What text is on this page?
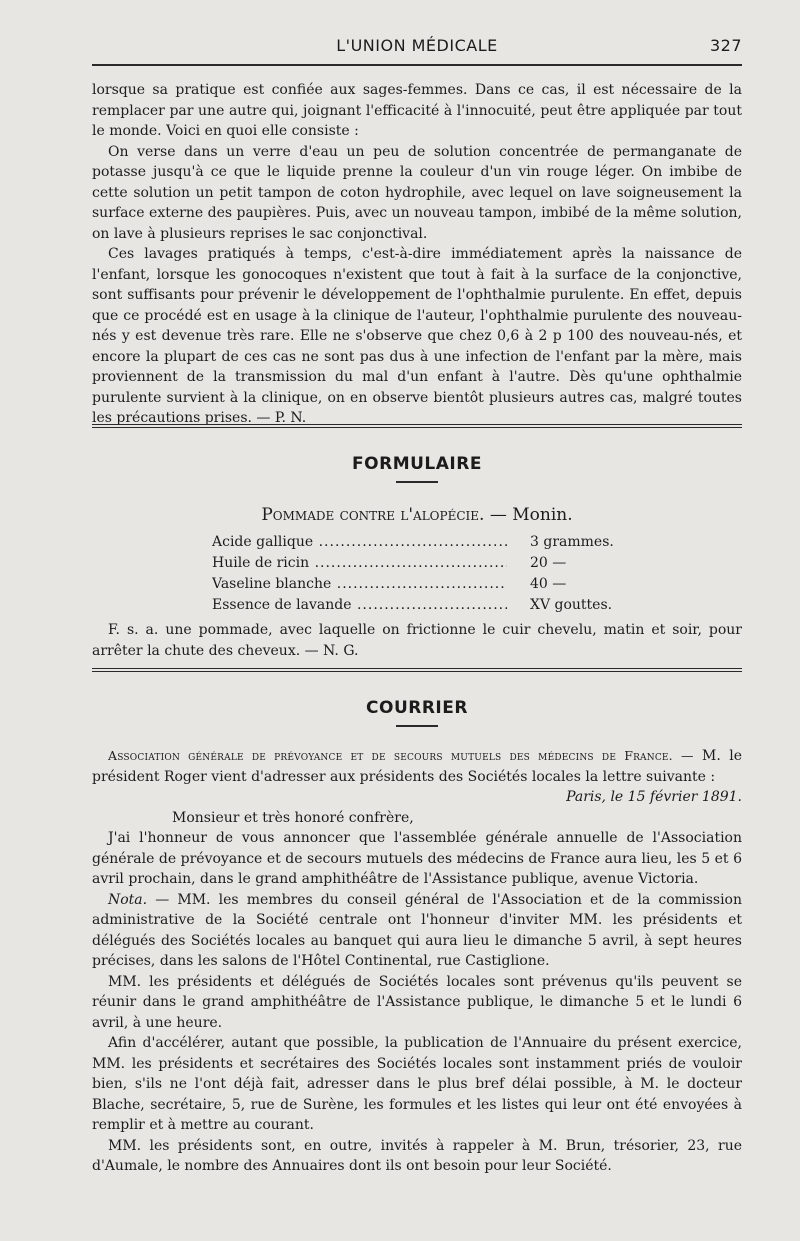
L'UNION MÉDICALE	327

lorsque sa pratique est confiée aux sages-femmes. Dans ce cas, il est nécessaire de la remplacer par une autre qui, joignant l'efficacité à l'innocuité, peut être appliquée par tout le monde. Voici en quoi elle consiste :

On verse dans un verre d'eau un peu de solution concentrée de permanganate de potasse jusqu'à ce que le liquide prenne la couleur d'un vin rouge léger. On imbibe de cette solution un petit tampon de coton hydrophile, avec lequel on lave soigneusement la surface externe des paupières. Puis, avec un nouveau tampon, imbibé de la même solution, on lave à plusieurs reprises le sac conjonctival.

Ces lavages pratiqués à temps, c'est-à-dire immédiatement après la naissance de l'enfant, lorsque les gonocoques n'existent que tout à fait à la surface de la conjonctive, sont suffisants pour prévenir le développement de l'ophthalmie purulente. En effet, depuis que ce procédé est en usage à la clinique de l'auteur, l'ophthalmie purulente des nouveau-nés y est devenue très rare. Elle ne s'observe que chez 0,6 à 2 p 100 des nouveau-nés, et encore la plupart de ces cas ne sont pas dus à une infection de l'enfant par la mère, mais proviennent de la transmission du mal d'un enfant à l'autre. Dès qu'une ophthalmie purulente survient à la clinique, on en observe bientôt plusieurs autres cas, malgré toutes les précautions prises. — P. N.

FORMULAIRE
Pommade contre l'alopécie. — Monin.
Acide gallique .....	3 grammes.
Huile de ricin .....	20 —
Vaseline blanche .....	40 —
Essence de lavande .....	XV gouttes.

F. s. a. une pommade, avec laquelle on frictionne le cuir chevelu, matin et soir, pour arrêter la chute des cheveux. — N. G.

COURRIER

Association générale de prévoyance et de secours mutuels des médecins de France. — M. le président Roger vient d'adresser aux présidents des Sociétés locales la lettre suivante :

Paris, le 15 février 1891.

Monsieur et très honoré confrère,

J'ai l'honneur de vous annoncer que l'assemblée générale annuelle de l'Association générale de prévoyance et de secours mutuels des médecins de France aura lieu, les 5 et 6 avril prochain, dans le grand amphithéâtre de l'Assistance publique, avenue Victoria.

Nota. — MM. les membres du conseil général de l'Association et de la commission administrative de la Société centrale ont l'honneur d'inviter MM. les présidents et délégués des Sociétés locales au banquet qui aura lieu le dimanche 5 avril, à sept heures précises, dans les salons de l'Hôtel Continental, rue Castiglione.

MM. les présidents et délégués de Sociétés locales sont prévenus qu'ils peuvent se réunir dans le grand amphithéâtre de l'Assistance publique, le dimanche 5 et le lundi 6 avril, à une heure.

Afin d'accélérer, autant que possible, la publication de l'Annuaire du présent exercice, MM. les présidents et secrétaires des Sociétés locales sont instamment priés de vouloir bien, s'ils ne l'ont déjà fait, adresser dans le plus bref délai possible, à M. le docteur Blache, secrétaire, 5, rue de Surène, les formules et les listes qui leur ont été envoyées à remplir et à mettre au courant.

MM. les présidents sont, en outre, invités à rappeler à M. Brun, trésorier, 23, rue d'Aumale, le nombre des Annuaires dont ils ont besoin pour leur Société.
